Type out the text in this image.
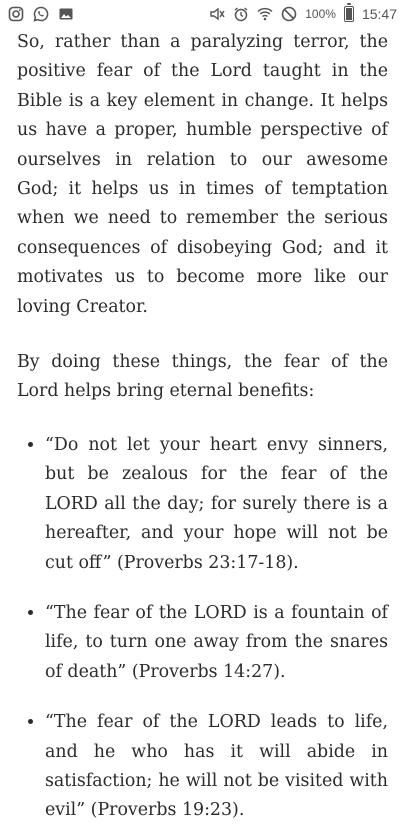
100% 15:47

So, rather than a paralyzing terror, the positive fear of the Lord taught in the Bible is a key element in change. It helps us have a proper, humble perspective of ourselves in relation to our awesome God; it helps us in times of temptation when we need to remember the serious consequences of disobeying God; and it motivates us to become more like our loving Creator.

By doing these things, the fear of the Lord helps bring eternal benefits:

• “Do not let your heart envy sinners, but be zealous for the fear of the LORD all the day; for surely there is a hereafter, and your hope will not be cut off” (Proverbs 23:17-18).
• “The fear of the LORD is a fountain of life, to turn one away from the snares of death” (Proverbs 14:27).
• “The fear of the LORD leads to life, and he who has it will abide in satisfaction; he will not be visited with evil” (Proverbs 19:23).
